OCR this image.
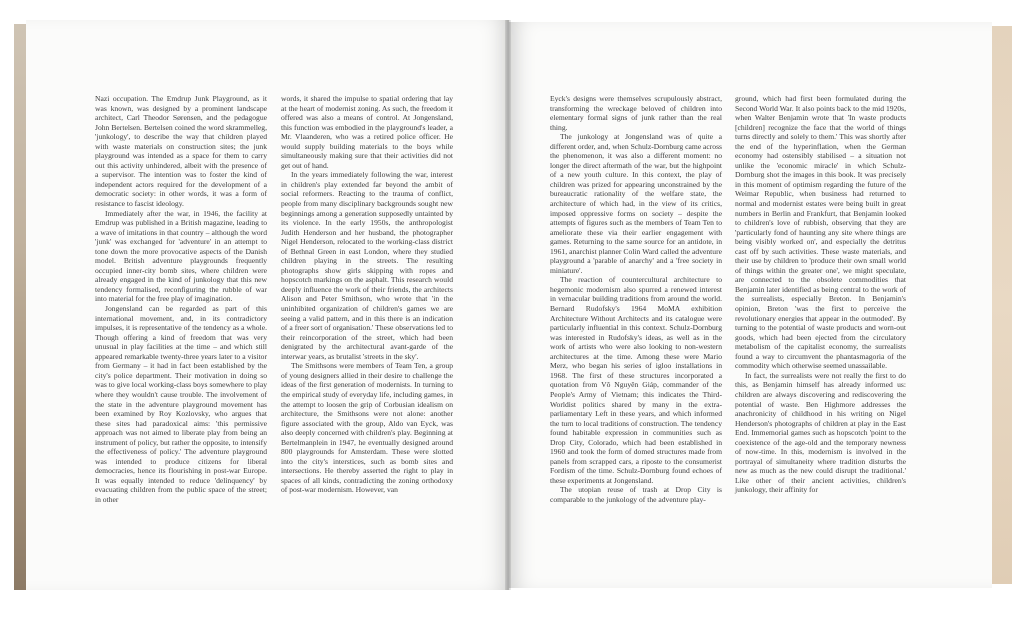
Nazi occupation. The Emdrup Junk Playground, as it was known, was designed by a prominent landscape architect, Carl Theodor Sørensen, and the pedagogue John Bertelsen. Bertelsen coined the word skrammelleg, 'junkology', to describe the way that children played with waste materials on construction sites; the junk playground was intended as a space for them to carry out this activity unhindered, albeit with the presence of a supervisor. The intention was to foster the kind of independent actors required for the development of a democratic society: in other words, it was a form of resistance to fascist ideology.

Immediately after the war, in 1946, the facility at Emdrup was published in a British magazine, leading to a wave of imitations in that country – although the word 'junk' was exchanged for 'adventure' in an attempt to tone down the more provocative aspects of the Danish model. British adventure playgrounds frequently occupied inner-city bomb sites, where children were already engaged in the kind of junkology that this new tendency formalised, reconfiguring the rubble of war into material for the free play of imagination.

Jongensland can be regarded as part of this international movement, and, in its contradictory impulses, it is representative of the tendency as a whole. Though offering a kind of freedom that was very unusual in play facilities at the time – and which still appeared remarkable twenty-three years later to a visitor from Germany – it had in fact been established by the city's police department. Their motivation in doing so was to give local working-class boys somewhere to play where they wouldn't cause trouble. The involvement of the state in the adventure playground movement has been examined by Roy Kozlovsky, who argues that these sites had paradoxical aims: 'this permissive approach was not aimed to liberate play from being an instrument of policy, but rather the opposite, to intensify the effectiveness of policy.' The adventure playground was intended to produce citizens for liberal democracies, hence its flourishing in post-war Europe. It was equally intended to reduce 'delinquency' by evacuating children from the public space of the street; in other

words, it shared the impulse to spatial ordering that lay at the heart of modernist zoning. As such, the freedom it offered was also a means of control. At Jongensland, this function was embodied in the playground's leader, a Mr. Vlaanderen, who was a retired police officer. He would supply building materials to the boys while simultaneously making sure that their activities did not get out of hand.

In the years immediately following the war, interest in children's play extended far beyond the ambit of social reformers. Reacting to the trauma of conflict, people from many disciplinary backgrounds sought new beginnings among a generation supposedly untainted by its violence. In the early 1950s, the anthropologist Judith Henderson and her husband, the photographer Nigel Henderson, relocated to the working-class district of Bethnal Green in east London, where they studied children playing in the streets. The resulting photographs show girls skipping with ropes and hopscotch markings on the asphalt. This research would deeply influence the work of their friends, the architects Alison and Peter Smithson, who wrote that 'in the uninhibited organization of children's games we are seeing a valid pattern, and in this there is an indication of a freer sort of organisation.' These observations led to their reincorporation of the street, which had been denigrated by the architectural avant-garde of the interwar years, as brutalist 'streets in the sky'.

The Smithsons were members of Team Ten, a group of young designers allied in their desire to challenge the ideas of the first generation of modernists. In turning to the empirical study of everyday life, including games, in the attempt to loosen the grip of Corbusian idealism on architecture, the Smithsons were not alone: another figure associated with the group, Aldo van Eyck, was also deeply concerned with children's play. Beginning at Bertelmanplein in 1947, he eventually designed around 800 playgrounds for Amsterdam. These were slotted into the city's interstices, such as bomb sites and intersections. He thereby asserted the right to play in spaces of all kinds, contradicting the zoning orthodoxy of post-war modernism. However, van

Eyck's designs were themselves scrupulously abstract, transforming the wreckage beloved of children into elementary formal signs of junk rather than the real thing.

The junkology at Jongensland was of quite a different order, and, when Schulz-Dornburg came across the phenomenon, it was also a different moment: no longer the direct aftermath of the war, but the highpoint of a new youth culture. In this context, the play of children was prized for appearing unconstrained by the bureaucratic rationality of the welfare state, the architecture of which had, in the view of its critics, imposed oppressive forms on society – despite the attempts of figures such as the members of Team Ten to ameliorate these via their earlier engagement with games. Returning to the same source for an antidote, in 1961, anarchist planner Colin Ward called the adventure playground a 'parable of anarchy' and a 'free society in miniature'.

The reaction of countercultural architecture to hegemonic modernism also spurred a renewed interest in vernacular building traditions from around the world. Bernard Rudofsky's 1964 MoMA exhibition Architecture Without Architects and its catalogue were particularly influential in this context. Schulz-Dornburg was interested in Rudofsky's ideas, as well as in the work of artists who were also looking to non-western architectures at the time. Among these were Mario Merz, who began his series of igloo installations in 1968. The first of these structures incorporated a quotation from Võ Nguyên Giáp, commander of the People's Army of Vietnam; this indicates the Third-Worldist politics shared by many in the extra-parliamentary Left in these years, and which informed the turn to local traditions of construction. The tendency found habitable expression in communities such as Drop City, Colorado, which had been established in 1960 and took the form of domed structures made from panels from scrapped cars, a riposte to the consumerist Fordism of the time. Schulz-Dornburg found echoes of these experiments at Jongensland.

The utopian reuse of trash at Drop City is comparable to the junkology of the adventure play-

ground, which had first been formulated during the Second World War. It also points back to the mid 1920s, when Walter Benjamin wrote that 'In waste products [children] recognize the face that the world of things turns directly and solely to them.' This was shortly after the end of the hyperinflation, when the German economy had ostensibly stabilised – a situation not unlike the 'economic miracle' in which Schulz-Dornburg shot the images in this book. It was precisely in this moment of optimism regarding the future of the Weimar Republic, when business had returned to normal and modernist estates were being built in great numbers in Berlin and Frankfurt, that Benjamin looked to children's love of rubbish, observing that they are 'particularly fond of haunting any site where things are being visibly worked on', and especially the detritus cast off by such activities. These waste materials, and their use by children to 'produce their own small world of things within the greater one', we might speculate, are connected to the obsolete commodities that Benjamin later identified as being central to the work of the surrealists, especially Breton. In Benjamin's opinion, Breton 'was the first to perceive the revolutionary energies that appear in the outmoded'. By turning to the potential of waste products and worn-out goods, which had been ejected from the circulatory metabolism of the capitalist economy, the surrealists found a way to circumvent the phantasmagoria of the commodity which otherwise seemed unassailable.

In fact, the surrealists were not really the first to do this, as Benjamin himself has already informed us: children are always discovering and rediscovering the potential of waste. Ben Highmore addresses the anachronicity of childhood in his writing on Nigel Henderson's photographs of children at play in the East End. Immemorial games such as hopscotch 'point to the coexistence of the age-old and the temporary newness of now-time. In this, modernism is involved in the portrayal of simultaneity where tradition disturbs the new as much as the new could disrupt the traditional.' Like other of their ancient activities, children's junkology, their affinity for
